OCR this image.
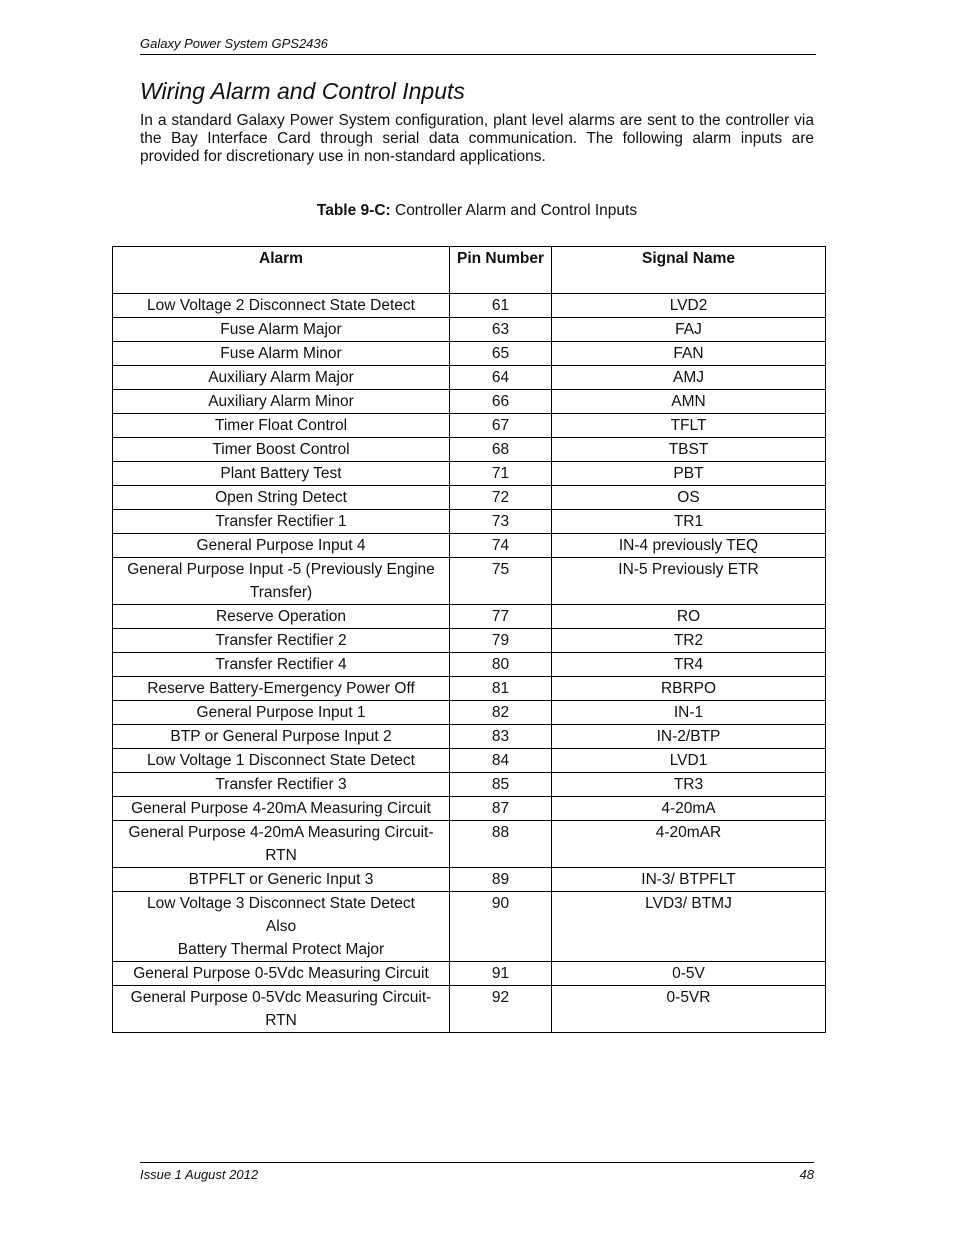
Galaxy Power System GPS2436
Wiring Alarm and Control Inputs
In a standard Galaxy Power System configuration, plant level alarms are sent to the controller via the Bay Interface Card through serial data communication. The following alarm inputs are provided for discretionary use in non-standard applications.
Table 9-C: Controller Alarm and Control Inputs
Alarm	Pin Number	Signal Name
Low Voltage 2 Disconnect State Detect	61	LVD2
Fuse Alarm Major	63	FAJ
Fuse Alarm Minor	65	FAN
Auxiliary Alarm Major	64	AMJ
Auxiliary Alarm Minor	66	AMN
Timer Float Control	67	TFLT
Timer Boost Control	68	TBST
Plant Battery Test	71	PBT
Open String Detect	72	OS
Transfer Rectifier 1	73	TR1
General Purpose Input 4	74	IN-4 previously TEQ
General Purpose Input -5 (Previously Engine Transfer)	75	IN-5 Previously ETR
Reserve Operation	77	RO
Transfer Rectifier 2	79	TR2
Transfer Rectifier 4	80	TR4
Reserve Battery-Emergency Power Off	81	RBRPO
General Purpose Input 1	82	IN-1
BTP or General Purpose Input 2	83	IN-2/BTP
Low Voltage 1 Disconnect State Detect	84	LVD1
Transfer Rectifier 3	85	TR3
General Purpose 4-20mA Measuring Circuit	87	4-20mA
General Purpose 4-20mA Measuring Circuit-RTN	88	4-20mAR
BTPFLT or Generic Input 3	89	IN-3/ BTPFLT
Low Voltage 3 Disconnect State Detect
Also
Battery Thermal Protect Major	90	LVD3/ BTMJ
General Purpose 0-5Vdc Measuring Circuit	91	0-5V
General Purpose 0-5Vdc Measuring Circuit-RTN	92	0-5VR
Issue 1 August 2012	48
